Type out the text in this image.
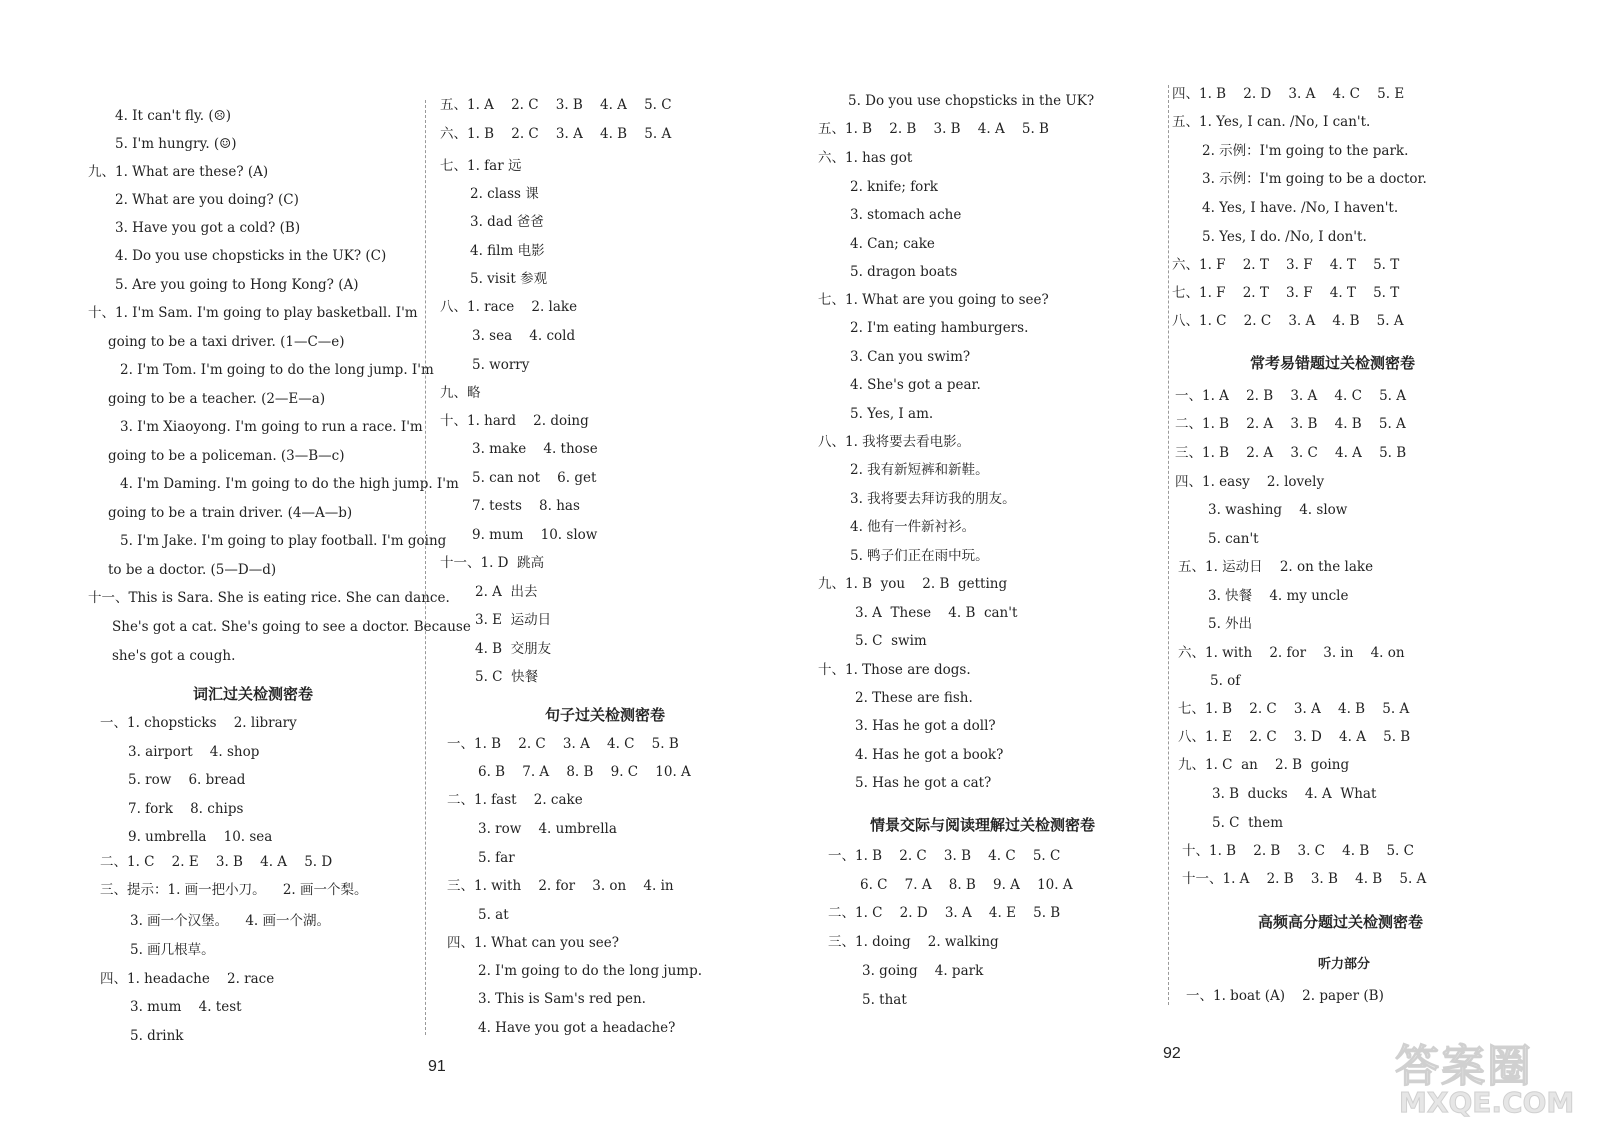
4. It can't fly. (☹)
5. I'm hungry. (☺)
九、1. What are these? (A)
2. What are you doing? (C)
3. Have you got a cold? (B)
4. Do you use chopsticks in the UK? (C)
5. Are you going to Hong Kong? (A)
十、1. I'm Sam. I'm going to play basketball. I'm
going to be a taxi driver. (1—C—e)
2. I'm Tom. I'm going to do the long jump. I'm
going to be a teacher. (2—E—a)
3. I'm Xiaoyong. I'm going to run a race. I'm
going to be a policeman. (3—B—c)
4. I'm Daming. I'm going to do the high jump. I'm
going to be a train driver. (4—A—b)
5. I'm Jake. I'm going to play football. I'm going
to be a doctor. (5—D—d)
十一、This is Sara. She is eating rice. She can dance.
She's got a cat. She's going to see a doctor. Because
she's got a cough.
词汇过关检测密卷
一、1. chopsticks    2. library
3. airport    4. shop
5. row    6. bread
7. fork    8. chips
9. umbrella    10. sea
二、1. C    2. E    3. B    4. A    5. D
三、提示：1. 画一把小刀。    2. 画一个梨。
3. 画一个汉堡。    4. 画一个湖。
5. 画几根草。
四、1. headache    2. race
3. mum    4. test
5. drink
五、1. A    2. C    3. B    4. A    5. C
六、1. B    2. C    3. A    4. B    5. A
七、1. far 远
2. class 课
3. dad 爸爸
4. film 电影
5. visit 参观
八、1. race    2. lake
3. sea    4. cold
5. worry
九、略
十、1. hard    2. doing
3. make    4. those
5. can not    6. get
7. tests    8. has
9. mum    10. slow
十一、1. D  跳高
2. A  出去
3. E  运动日
4. B  交朋友
5. C  快餐
句子过关检测密卷
一、1. B    2. C    3. A    4. C    5. B
6. B    7. A    8. B    9. C    10. A
二、1. fast    2. cake
3. row    4. umbrella
5. far
三、1. with    2. for    3. on    4. in
5. at
四、1. What can you see?
2. I'm going to do the long jump.
3. This is Sam's red pen.
4. Have you got a headache?
5. Do you use chopsticks in the UK?
五、1. B    2. B    3. B    4. A    5. B
六、1. has got
2. knife; fork
3. stomach ache
4. Can; cake
5. dragon boats
七、1. What are you going to see?
2. I'm eating hamburgers.
3. Can you swim?
4. She's got a pear.
5. Yes, I am.
八、1. 我将要去看电影。
2. 我有新短裤和新鞋。
3. 我将要去拜访我的朋友。
4. 他有一件新衬衫。
5. 鸭子们正在雨中玩。
九、1. B  you    2. B  getting
3. A  These    4. B  can't
5. C  swim
十、1. Those are dogs.
2. These are fish.
3. Has he got a doll?
4. Has he got a book?
5. Has he got a cat?
情景交际与阅读理解过关检测密卷
一、1. B    2. C    3. B    4. C    5. C
6. C    7. A    8. B    9. A    10. A
二、1. C    2. D    3. A    4. E    5. B
三、1. doing    2. walking
3. going    4. park
5. that
四、1. B    2. D    3. A    4. C    5. E
五、1. Yes, I can. /No, I can't.
2. 示例：I'm going to the park.
3. 示例：I'm going to be a doctor.
4. Yes, I have. /No, I haven't.
5. Yes, I do. /No, I don't.
六、1. F    2. T    3. F    4. T    5. T
七、1. F    2. T    3. F    4. T    5. T
八、1. C    2. C    3. A    4. B    5. A
常考易错题过关检测密卷
一、1. A    2. B    3. A    4. C    5. A
二、1. B    2. A    3. B    4. B    5. A
三、1. B    2. A    3. C    4. A    5. B
四、1. easy    2. lovely
3. washing    4. slow
5. can't
五、1. 运动日    2. on the lake
3. 快餐    4. my uncle
5. 外出
六、1. with    2. for    3. in    4. on
5. of
七、1. B    2. C    3. A    4. B    5. A
八、1. E    2. C    3. D    4. A    5. B
九、1. C  an    2. B  going
3. B  ducks    4. A  What
5. C  them
十、1. B    2. B    3. C    4. B    5. C
十一、1. A    2. B    3. B    4. B    5. A
高频高分题过关检测密卷
听力部分
一、1. boat (A)    2. paper (B)
91
92	答案圈
MXQE.COM
